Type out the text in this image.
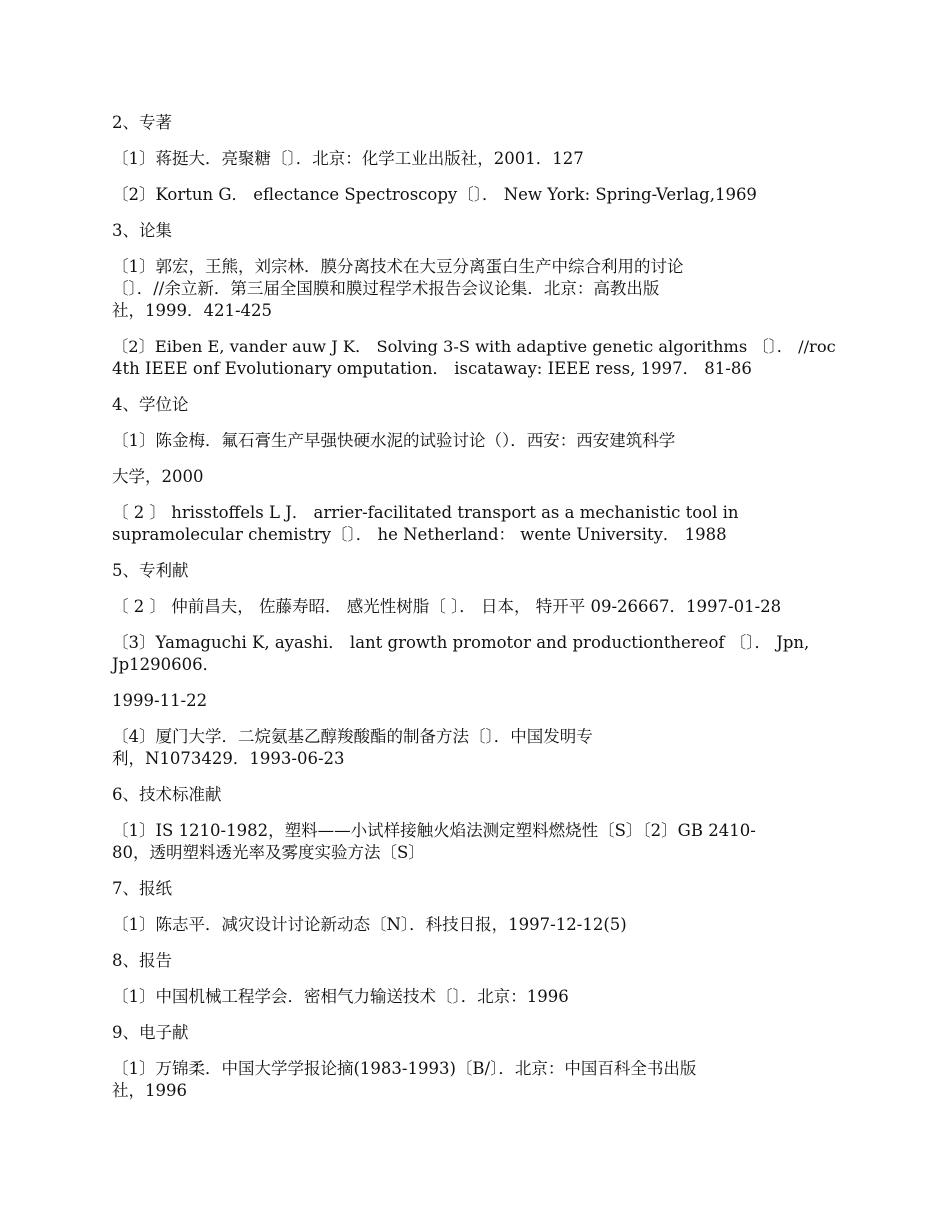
2、专著
〔1〕蒋挺大．亮聚糖〔〕．北京：化学工业出版社，2001．127
〔2〕Kortun G． eflectance Spectroscopy〔〕． New York: Spring-Verlag,1969
3、论集
〔1〕郭宏，王熊，刘宗林．膜分离技术在大豆分离蛋白生产中综合利用的讨论
〔〕．//余立新．第三届全国膜和膜过程学术报告会议论集．北京：高教出版
社，1999．421-425
〔2〕Eiben E, vander auw J K． Solving 3-S with adaptive genetic algorithms 〔〕． //roc
4th IEEE onf Evolutionary omputation． iscataway: IEEE ress, 1997． 81-86
4、学位论
〔1〕陈金梅．氟石膏生产早强快硬水泥的试验讨论（）．西安：西安建筑科学
大学，2000
〔 2 〕 hrisstoffels L J． arrier-facilitated transport as a mechanistic tool in
supramolecular chemistry〔〕． he Netherland： wente University． 1988
5、专利献
〔 2 〕 仲前昌夫， 佐藤寿昭． 感光性树脂〔 〕． 日本， 特开平 09-26667．1997-01-28
〔3〕Yamaguchi K, ayashi． lant growth promotor and productionthereof 〔〕． Jpn,
Jp1290606．
1999-11-22
〔4〕厦门大学．二烷氨基乙醇羧酸酯的制备方法〔〕．中国发明专
利，N1073429．1993-06-23
6、技术标准献
〔1〕IS 1210-1982，塑料——小试样接触火焰法测定塑料燃烧性〔S〕〔2〕GB 2410-
80，透明塑料透光率及雾度实验方法〔S〕
7、报纸
〔1〕陈志平．减灾设计讨论新动态〔N〕．科技日报，1997-12-12(5)
8、报告
〔1〕中国机械工程学会．密相气力输送技术〔〕．北京：1996
9、电子献
〔1〕万锦柔．中国大学学报论摘(1983-1993)〔B/〕．北京：中国百科全书出版
社，1996
